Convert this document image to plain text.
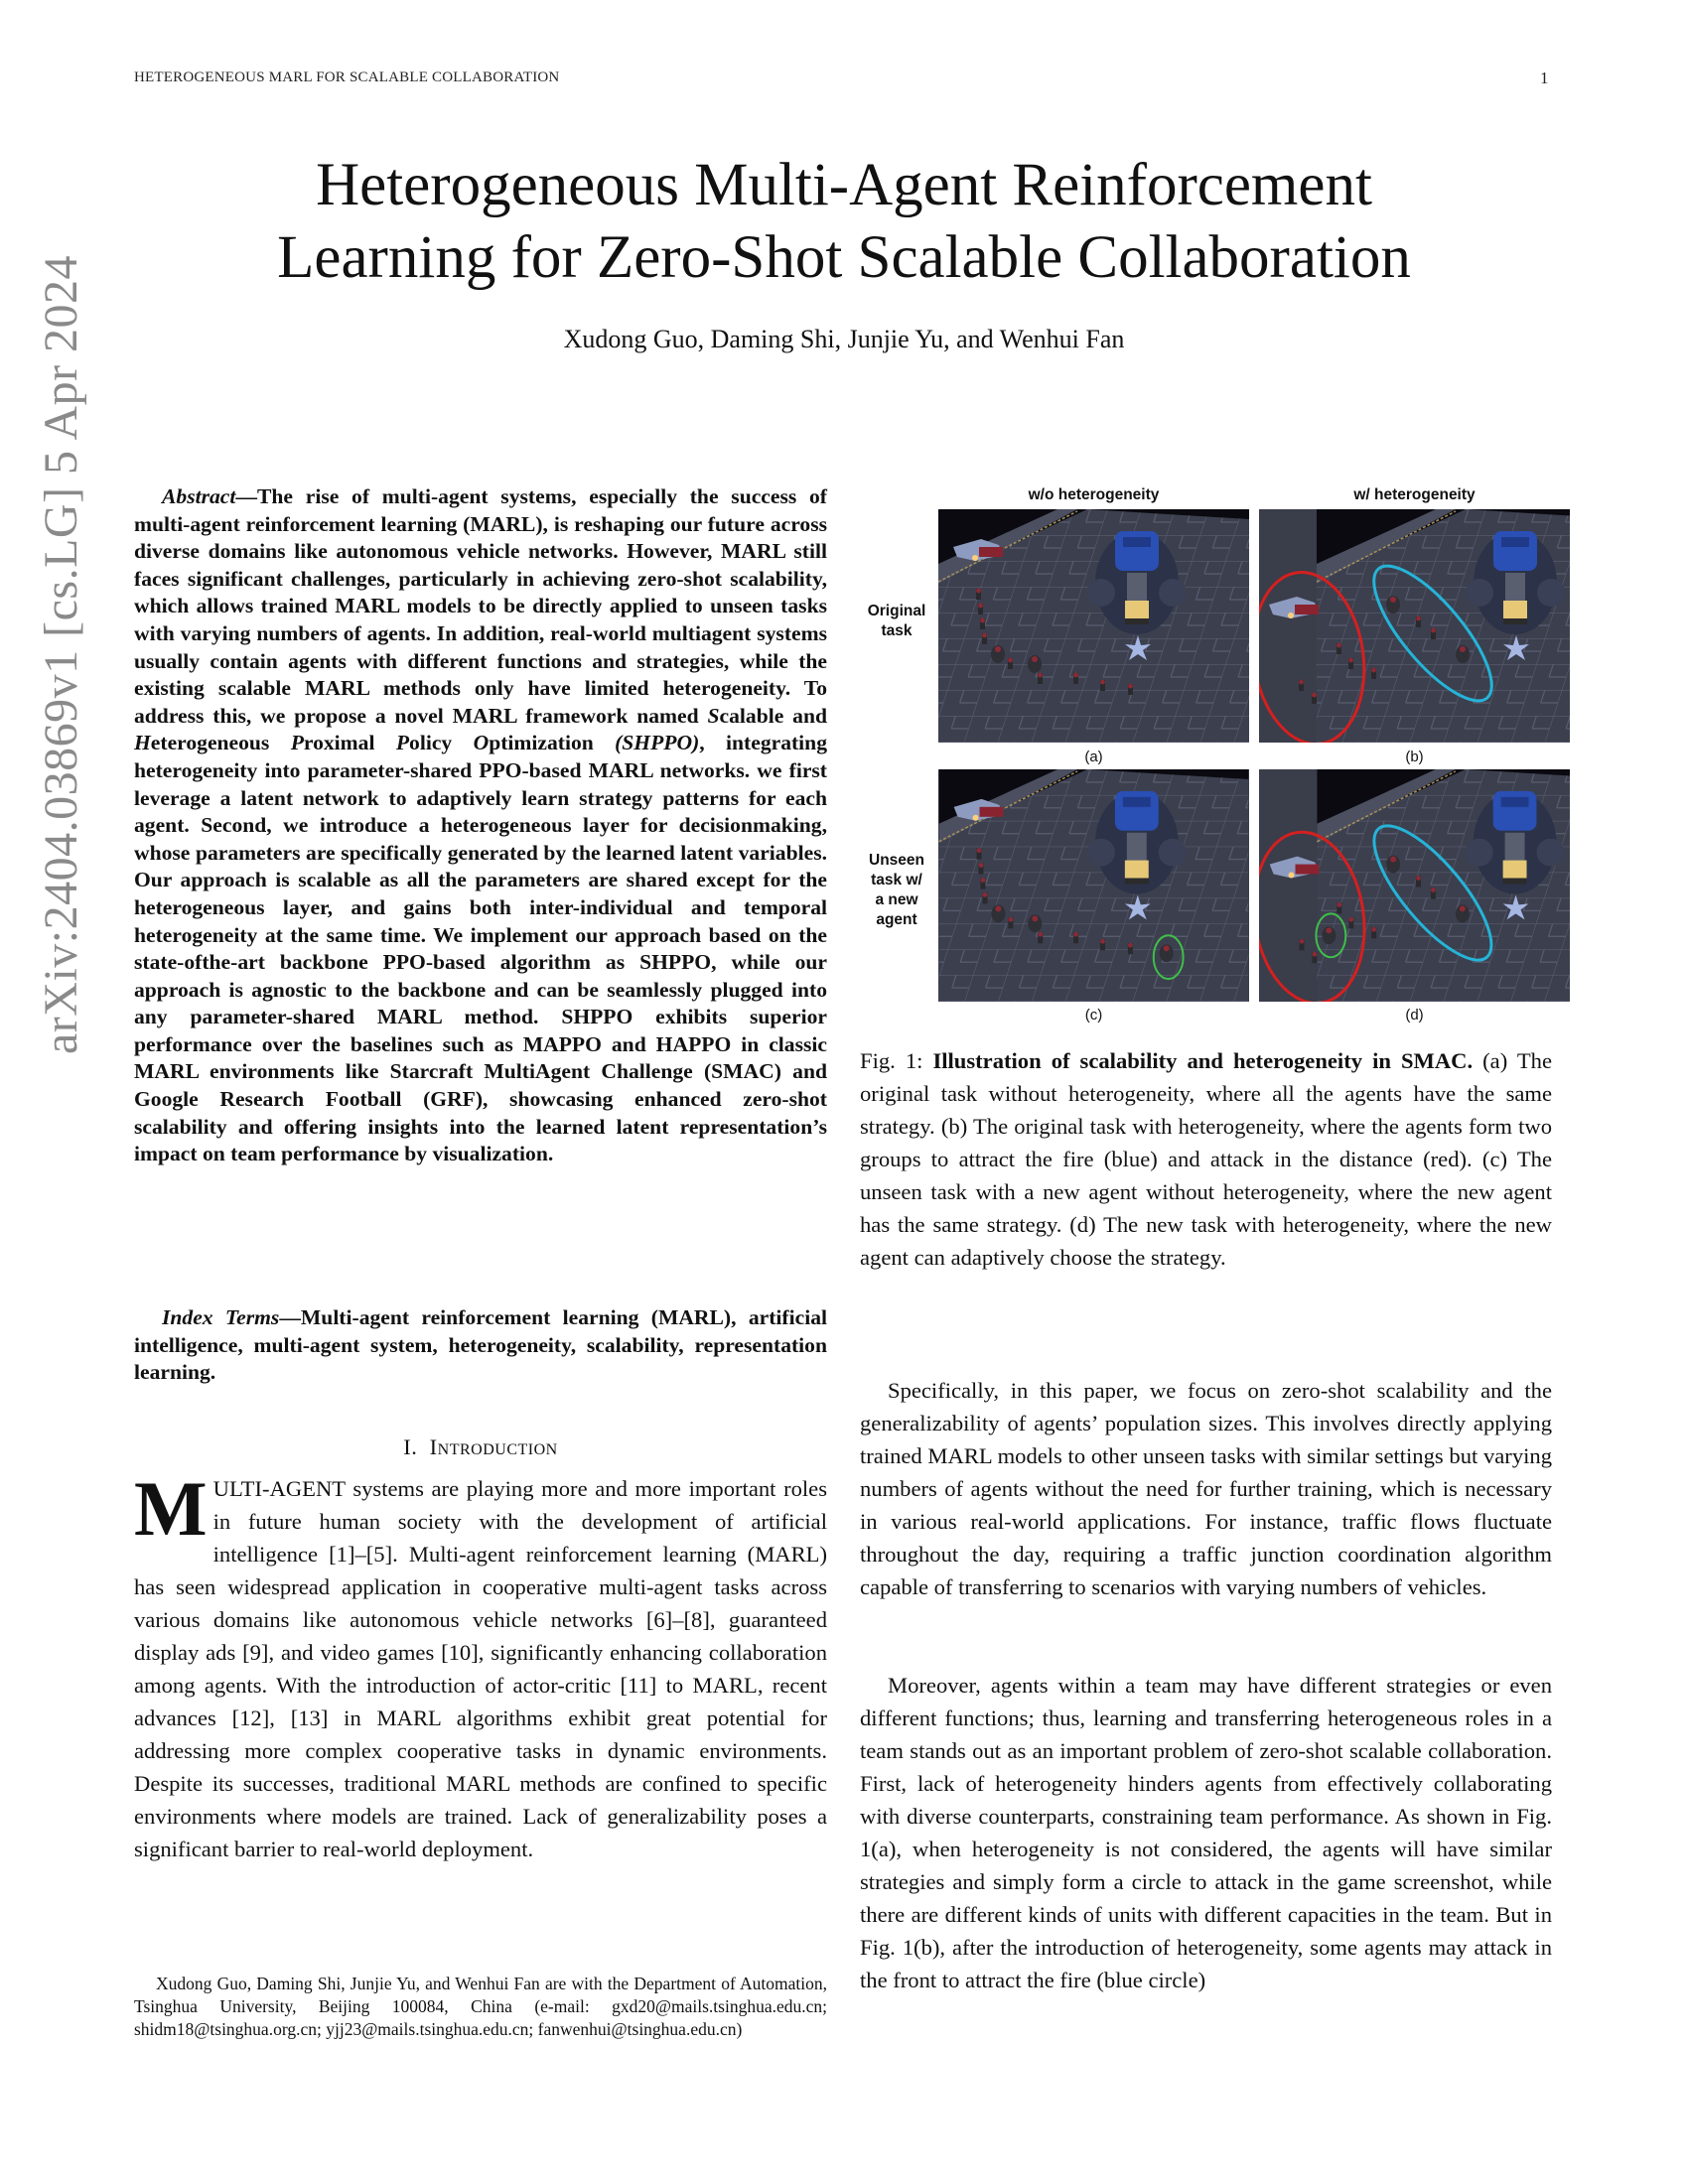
HETEROGENEOUS MARL FOR SCALABLE COLLABORATION	1
arXiv:2404.03869v1 [cs.LG] 5 Apr 2024
Heterogeneous Multi-Agent Reinforcement
Learning for Zero-Shot Scalable Collaboration
Xudong Guo, Daming Shi, Junjie Yu, and Wenhui Fan

Abstract—The rise of multi-agent systems, especially the success of multi-agent reinforcement learning (MARL), is reshaping our future across diverse domains like autonomous vehicle networks. However, MARL still faces significant challenges, particularly in achieving zero-shot scalability, which allows trained MARL models to be directly applied to unseen tasks with varying numbers of agents. In addition, real-world multiagent systems usually contain agents with different functions and strategies, while the existing scalable MARL methods only have limited heterogeneity. To address this, we propose a novel MARL framework named Scalable and Heterogeneous Proximal Policy Optimization (SHPPO), integrating heterogeneity into parameter-shared PPO-based MARL networks. we first leverage a latent network to adaptively learn strategy patterns for each agent. Second, we introduce a heterogeneous layer for decisionmaking, whose parameters are specifically generated by the learned latent variables. Our approach is scalable as all the parameters are shared except for the heterogeneous layer, and gains both inter-individual and temporal heterogeneity at the same time. We implement our approach based on the state-ofthe-art backbone PPO-based algorithm as SHPPO, while our approach is agnostic to the backbone and can be seamlessly plugged into any parameter-shared MARL method. SHPPO exhibits superior performance over the baselines such as MAPPO and HAPPO in classic MARL environments like Starcraft MultiAgent Challenge (SMAC) and Google Research Football (GRF), showcasing enhanced zero-shot scalability and offering insights into the learned latent representation’s impact on team performance by visualization.

Index Terms—Multi-agent reinforcement learning (MARL), artificial intelligence, multi-agent system, heterogeneity, scalability, representation learning.

I. Introduction

MULTI-AGENT systems are playing more and more important roles in future human society with the development of artificial intelligence [1]–[5]. Multi-agent reinforcement learning (MARL) has seen widespread application in cooperative multi-agent tasks across various domains like autonomous vehicle networks [6]–[8], guaranteed display ads [9], and video games [10], significantly enhancing collaboration among agents. With the introduction of actor-critic [11] to MARL, recent advances [12], [13] in MARL algorithms exhibit great potential for addressing more complex cooperative tasks in dynamic environments. Despite its successes, traditional MARL methods are confined to specific environments where models are trained. Lack of generalizability poses a significant barrier to real-world deployment.

Xudong Guo, Daming Shi, Junjie Yu, and Wenhui Fan are with the Department of Automation, Tsinghua University, Beijing 100084, China (e-mail: gxd20@mails.tsinghua.edu.cn; shidm18@tsinghua.org.cn; yjj23@mails.tsinghua.edu.cn; fanwenhui@tsinghua.edu.cn)

w/o heterogeneity	w/ heterogeneity
Original
task
Unseen
task w/
a new
agent
(a)	(b)
(c)	(d)

Fig. 1: Illustration of scalability and heterogeneity in SMAC. (a) The original task without heterogeneity, where all the agents have the same strategy. (b) The original task with heterogeneity, where the agents form two groups to attract the fire (blue) and attack in the distance (red). (c) The unseen task with a new agent without heterogeneity, where the new agent has the same strategy. (d) The new task with heterogeneity, where the new agent can adaptively choose the strategy.

Specifically, in this paper, we focus on zero-shot scalability and the generalizability of agents’ population sizes. This involves directly applying trained MARL models to other unseen tasks with similar settings but varying numbers of agents without the need for further training, which is necessary in various real-world applications. For instance, traffic flows fluctuate throughout the day, requiring a traffic junction coordination algorithm capable of transferring to scenarios with varying numbers of vehicles.

Moreover, agents within a team may have different strategies or even different functions; thus, learning and transferring heterogeneous roles in a team stands out as an important problem of zero-shot scalable collaboration. First, lack of heterogeneity hinders agents from effectively collaborating with diverse counterparts, constraining team performance. As shown in Fig. 1(a), when heterogeneity is not considered, the agents will have similar strategies and simply form a circle to attack in the game screenshot, while there are different kinds of units with different capacities in the team. But in Fig. 1(b), after the introduction of heterogeneity, some agents may attack in the front to attract the fire (blue circle)
